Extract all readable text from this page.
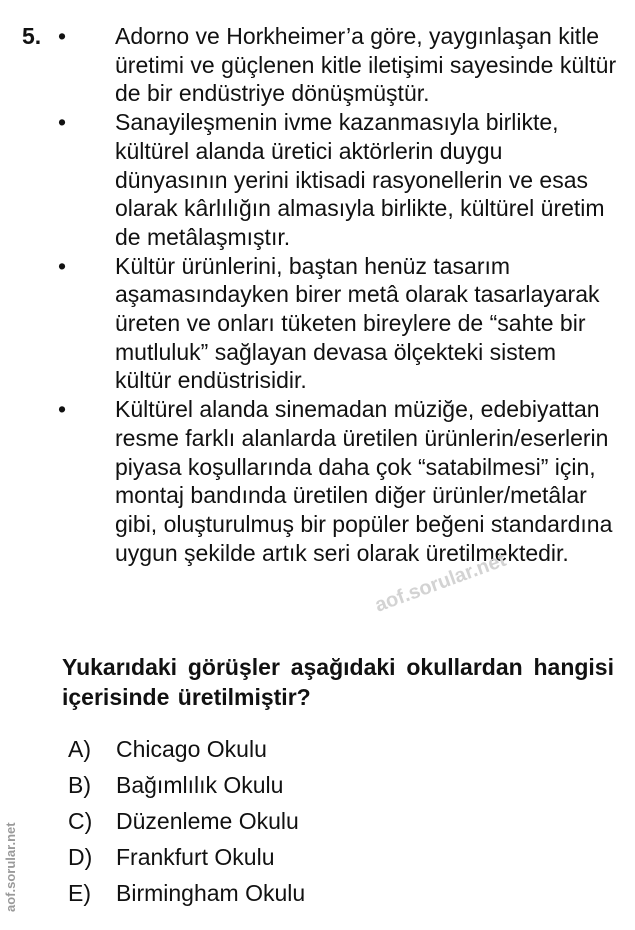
5. • Adorno ve Horkheimer’a göre, yaygınlaşan kitle üretimi ve güçlenen kitle iletişimi sayesinde kültür de bir endüstriye dönüşmüştür.
• Sanayileşmenin ivme kazanmasıyla birlikte, kültürel alanda üretici aktörlerin duygu dünyasının yerini iktisadi rasyonellerin ve esas olarak kârlılığın almasıyla birlikte, kültürel üretim de metâlaşmıştır.
• Kültür ürünlerini, baştan henüz tasarım aşamasındayken birer metâ olarak tasarlayarak üreten ve onları tüketen bireylere de “sahte bir mutluluk” sağlayan devasa ölçekteki sistem kültür endüstrisidir.
• Kültürel alanda sinemadan müziğe, edebiyattan resme farklı alanlarda üretilen ürünlerin/eserlerin piyasa koşullarında daha çok “satabilmesi” için, montaj bandında üretilen diğer ürünler/metâlar gibi, oluşturulmuş bir popüler beğeni standardına uygun şekilde artık seri olarak üretilmektedir.
aof.sorular.net
Yukarıdaki görüşler aşağıdaki okullardan hangisi içerisinde üretilmiştir?
A)	Chicago Okulu
B)	Bağımlılık Okulu
C)	Düzenleme Okulu
D)	Frankfurt Okulu
E)	Birmingham Okulu
aof.sorular.net
